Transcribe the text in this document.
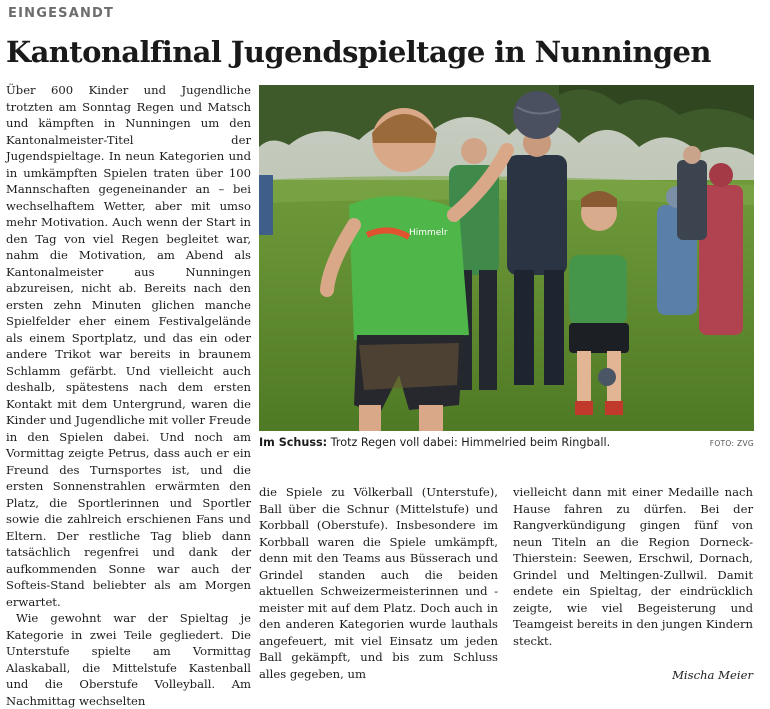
EINGESANDT
Kantonalfinal Jugendspieltage in Nunningen

Über 600 Kinder und Jugendliche trotzten am Sonntag Regen und Matsch und kämpften in Nunningen um den Kantonalmeister-Titel der Jugendspieltage. In neun Kategorien und in umkämpften Spielen traten über 100 Mannschaften gegeneinander an – bei wechselhaftem Wetter, aber mit umso mehr Motivation. Auch wenn der Start in den Tag von viel Regen begleitet war, nahm die Motivation, am Abend als Kantonalmeister aus Nunningen abzureisen, nicht ab. Bereits nach den ersten zehn Minuten glichen manche Spielfelder eher einem Festivalgelände als einem Sportplatz, und das ein oder andere Trikot war bereits in braunem Schlamm gefärbt. Und vielleicht auch deshalb, spätestens nach dem ersten Kontakt mit dem Untergrund, waren die Kinder und Jugendliche mit voller Freude in den Spielen dabei. Und noch am Vormittag zeigte Petrus, dass auch er ein Freund des Turnsportes ist, und die ersten Sonnenstrahlen erwärmten den Platz, die Sportlerinnen und Sportler sowie die zahlreich erschienen Fans und Eltern. Der restliche Tag blieb dann tatsächlich regenfrei und dank der aufkommenden Sonne war auch der Softeis-Stand beliebter als am Morgen erwartet.

Wie gewohnt war der Spieltag je Kategorie in zwei Teile gegliedert. Die Unterstufe spielte am Vormittag Alaskaball, die Mittelstufe Kastenball und die Oberstufe Volleyball. Am Nachmittag wechselten

Himmelr
Im Schuss: Trotz Regen voll dabei: Himmelried beim Ringball.	FOTO: ZVG

die Spiele zu Völkerball (Unterstufe), Ball über die Schnur (Mittelstufe) und Korbball (Oberstufe). Insbesondere im Korbball waren die Spiele umkämpft, denn mit den Teams aus Büsserach und Grindel standen auch die beiden aktuellen Schweizermeisterinnen und -meister mit auf dem Platz. Doch auch in den anderen Kategorien wurde lauthals angefeuert, mit viel Einsatz um jeden Ball gekämpft, und bis zum Schluss alles gegeben, um

vielleicht dann mit einer Medaille nach Hause fahren zu dürfen. Bei der Rangverkündigung gingen fünf von neun Titeln an die Region Dorneck-Thierstein: Seewen, Erschwil, Dornach, Grindel und Meltingen-Zullwil. Damit endete ein Spieltag, der eindrücklich zeigte, wie viel Begeisterung und Teamgeist bereits in den jungen Kindern steckt.

Mischa Meier
